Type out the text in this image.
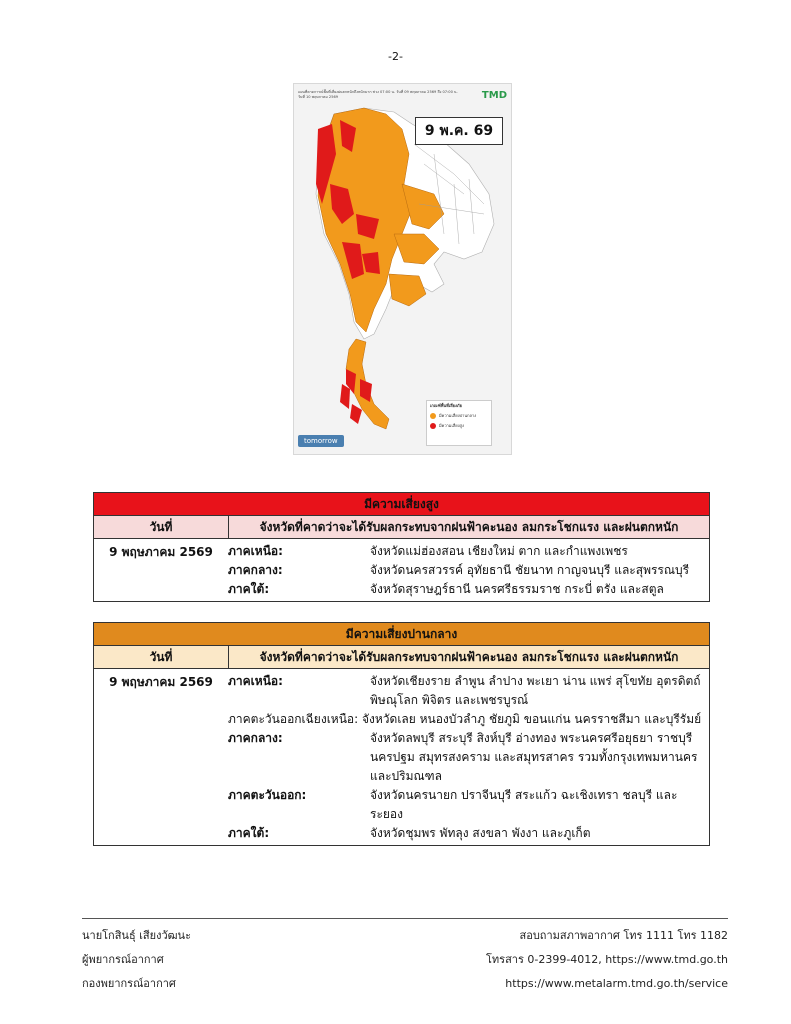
-2-
แผนที่คาดการณ์พื้นที่เสี่ยงฝนตกหนักถึงหนักมาก ช่วง 07:00 น. วันที่ 09 พฤษภาคม 2569 ถึง 07:00 น. วันที่ 10 พฤษภาคม 2569	TMD
9 พ.ค. 69
เกณฑ์พื้นที่เสี่ยงภัย
มีความเสี่ยงปานกลาง
มีความเสี่ยงสูง
tomorrow
มีความเสี่ยงสูง
วันที่	จังหวัดที่คาดว่าจะได้รับผลกระทบจากฝนฟ้าคะนอง ลมกระโชกแรง และฝนตกหนัก
9 พฤษภาคม 2569	ภาคเหนือ:	จังหวัดแม่ฮ่องสอน เชียงใหม่ ตาก และกำแพงเพชร
ภาคกลาง:	จังหวัดนครสวรรค์ อุทัยธานี ชัยนาท กาญจนบุรี และสุพรรณบุรี
ภาคใต้:	จังหวัดสุราษฎร์ธานี นครศรีธรรมราช กระบี่ ตรัง และสตูล
มีความเสี่ยงปานกลาง
วันที่	จังหวัดที่คาดว่าจะได้รับผลกระทบจากฝนฟ้าคะนอง ลมกระโชกแรง และฝนตกหนัก
9 พฤษภาคม 2569	ภาคเหนือ:	จังหวัดเชียงราย ลำพูน ลำปาง พะเยา น่าน แพร่ สุโขทัย อุตรดิตถ์
พิษณุโลก พิจิตร และเพชรบูรณ์
ภาคตะวันออกเฉียงเหนือ: จังหวัดเลย หนองบัวลำภู ชัยภูมิ ขอนแก่น นครราชสีมา และบุรีรัมย์
ภาคกลาง:	จังหวัดลพบุรี สระบุรี สิงห์บุรี อ่างทอง พระนครศรีอยุธยา ราชบุรี
นครปฐม สมุทรสงคราม และสมุทรสาคร รวมทั้งกรุงเทพมหานคร
และปริมณฑล
ภาคตะวันออก:	จังหวัดนครนายก ปราจีนบุรี สระแก้ว ฉะเชิงเทรา ชลบุรี และระยอง
ภาคใต้:	จังหวัดชุมพร พัทลุง สงขลา พังงา และภูเก็ต
นายโกสินธุ์ เสียงวัฒนะ
ผู้พยากรณ์อากาศ
กองพยากรณ์อากาศ
สอบถามสภาพอากาศ โทร 1111 โทร 1182
โทรสาร 0-2399-4012, https://www.tmd.go.th
https://www.metalarm.tmd.go.th/service
